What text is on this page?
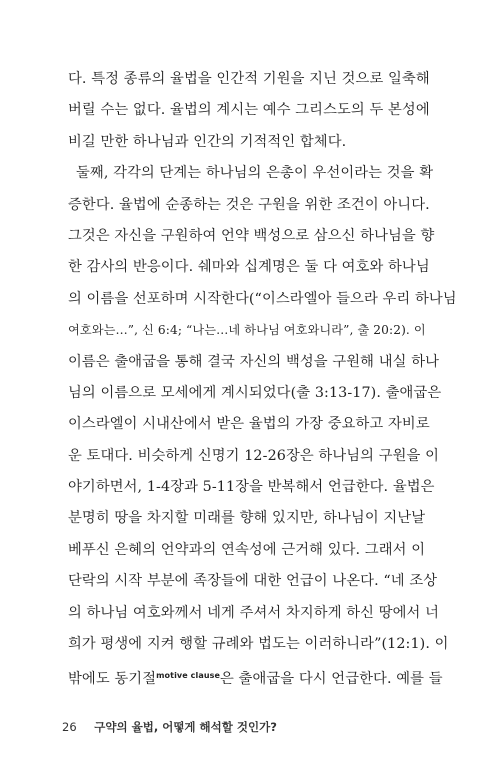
다. 특정 종류의 율법을 인간적 기원을 지닌 것으로 일축해
버릴 수는 없다. 율법의 계시는 예수 그리스도의 두 본성에
비길 만한 하나님과 인간의 기적적인 합체다.
둘째, 각각의 단계는 하나님의 은총이 우선이라는 것을 확
증한다. 율법에 순종하는 것은 구원을 위한 조건이 아니다.
그것은 자신을 구원하여 언약 백성으로 삼으신 하나님을 향
한 감사의 반응이다. 쉐마와 십계명은 둘 다 여호와 하나님
의 이름을 선포하며 시작한다(“이스라엘아 들으라 우리 하나님
여호와는…”, 신 6:4; “나는…네 하나님 여호와니라”, 출 20:2). 이
이름은 출애굽을 통해 결국 자신의 백성을 구원해 내실 하나
님의 이름으로 모세에게 계시되었다(출 3:13-17). 출애굽은
이스라엘이 시내산에서 받은 율법의 가장 중요하고 자비로
운 토대다. 비슷하게 신명기 12-26장은 하나님의 구원을 이
야기하면서, 1-4장과 5-11장을 반복해서 언급한다. 율법은
분명히 땅을 차지할 미래를 향해 있지만, 하나님이 지난날
베푸신 은혜의 언약과의 연속성에 근거해 있다. 그래서 이
단락의 시작 부분에 족장들에 대한 언급이 나온다. “네 조상
의 하나님 여호와께서 네게 주셔서 차지하게 하신 땅에서 너
희가 평생에 지켜 행할 규례와 법도는 이러하니라”(12:1). 이
밖에도 동기절$^{motive clause}$은 출애굽을 다시 언급한다. 예를 들
26 구약의 율법, 어떻게 해석할 것인가?
